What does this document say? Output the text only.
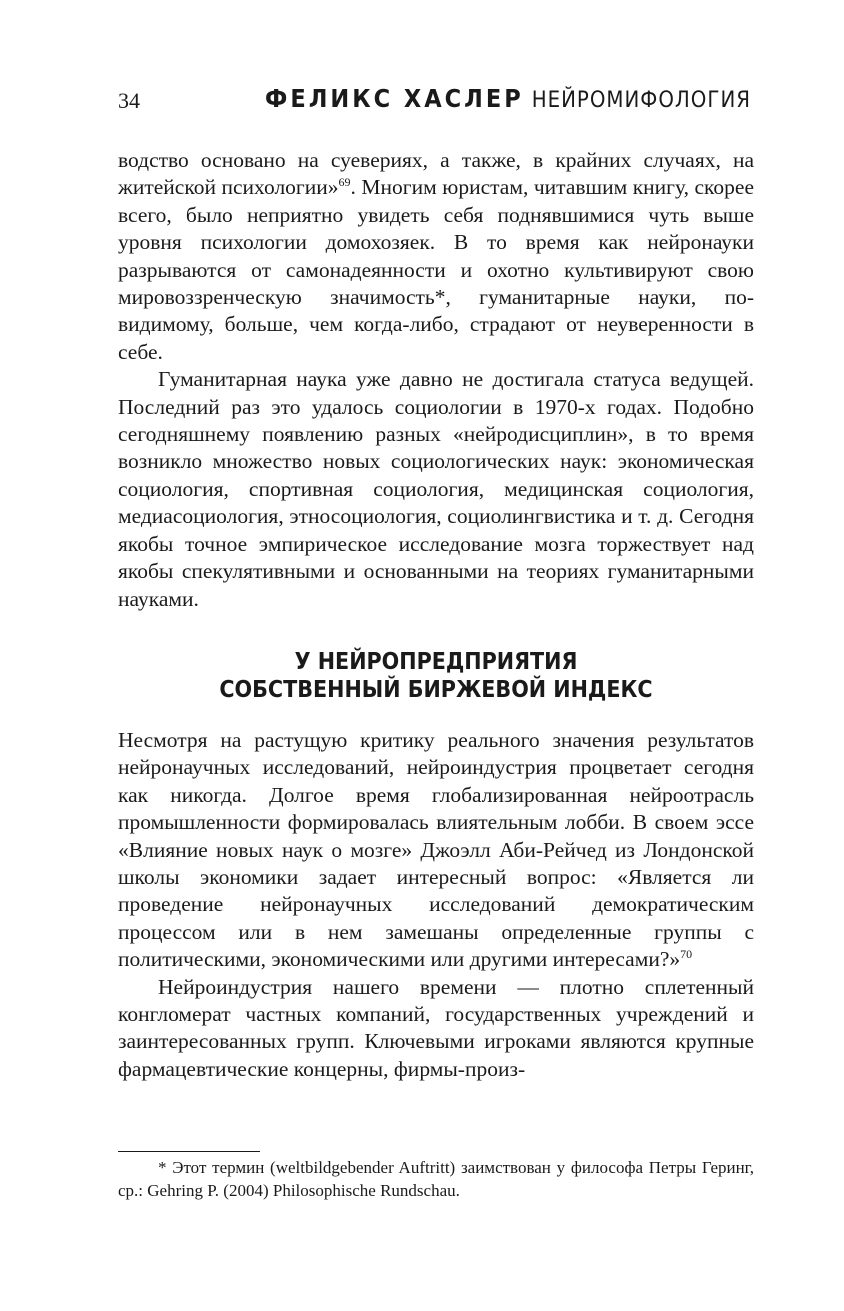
34	ФЕЛИКС ХАСЛЕР НЕЙРОМИФОЛОГИЯ

водство основано на суевериях, а также, в крайних случаях, на житейской психологии»$^{69}$. Многим юристам, читавшим книгу, скорее всего, было неприятно увидеть себя поднявшимися чуть выше уровня психологии домохозяек. В то время как нейронауки разрываются от самонадеянности и охотно культивируют свою мировоззренческую значимость*, гуманитарные науки, по-видимому, больше, чем когда-либо, страдают от неуверенности в себе.

Гуманитарная наука уже давно не достигала статуса ведущей. Последний раз это удалось социологии в 1970-х годах. Подобно сегодняшнему появлению разных «нейродисциплин», в то время возникло множество новых социологических наук: экономическая социология, спортивная социология, медицинская социология, медиасоциология, этносоциология, социолингвистика и т. д. Сегодня якобы точное эмпирическое исследование мозга торжествует над якобы спекулятивными и основанными на теориях гуманитарными науками.

У НЕЙРОПРЕДПРИЯТИЯ
СОБСТВЕННЫЙ БИРЖЕВОЙ ИНДЕКС

Несмотря на растущую критику реального значения результатов нейронаучных исследований, нейроиндустрия процветает сегодня как никогда. Долгое время глобализированная нейроотрасль промышленности формировалась влиятельным лобби. В своем эссе «Влияние новых наук о мозге» Джоэлл Аби-Рейчед из Лондонской школы экономики задает интересный вопрос: «Является ли проведение нейронаучных исследований демократическим процессом или в нем замешаны определенные группы с политическими, экономическими или другими интересами?»$^{70}$

Нейроиндустрия нашего времени — плотно сплетенный конгломерат частных компаний, государственных учреждений и заинтересованных групп. Ключевыми игроками являются крупные фармацевтические концерны, фирмы-произ-

* Этот термин (weltbildgebender Auftritt) заимствован у философа Петры Геринг, ср.: Gehring P. (2004) Philosophische Rundschau.
